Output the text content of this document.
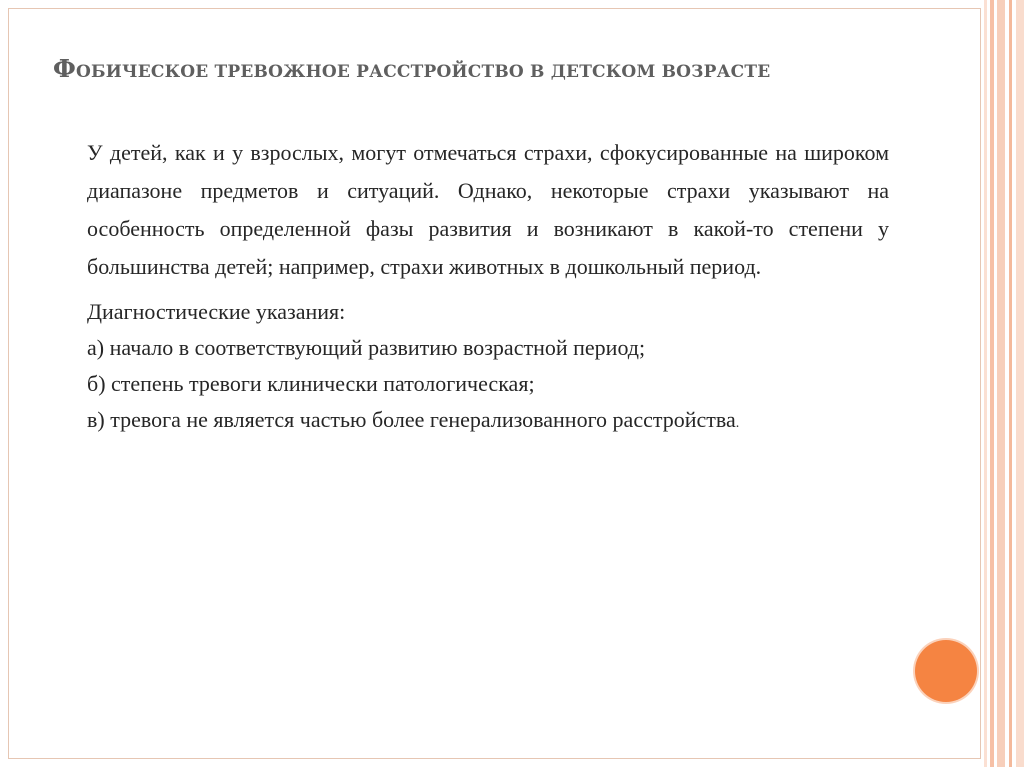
ФОБИЧЕСКОЕ ТРЕВОЖНОЕ РАССТРОЙСТВО В ДЕТСКОМ ВОЗРАСТЕ

У детей, как и у взрослых, могут отмечаться страхи, сфокусированные на широком диапазоне предметов и ситуаций. Однако, некоторые страхи указывают на особенность определенной фазы развития и возникают в какой-то степени у большинства детей; например, страхи животных в дошкольный период.

Диагностические указания:

а) начало в соответствующий развитию возрастной период;

б) степень тревоги клинически патологическая;

в) тревога не является частью более генерализованного расстройства.
